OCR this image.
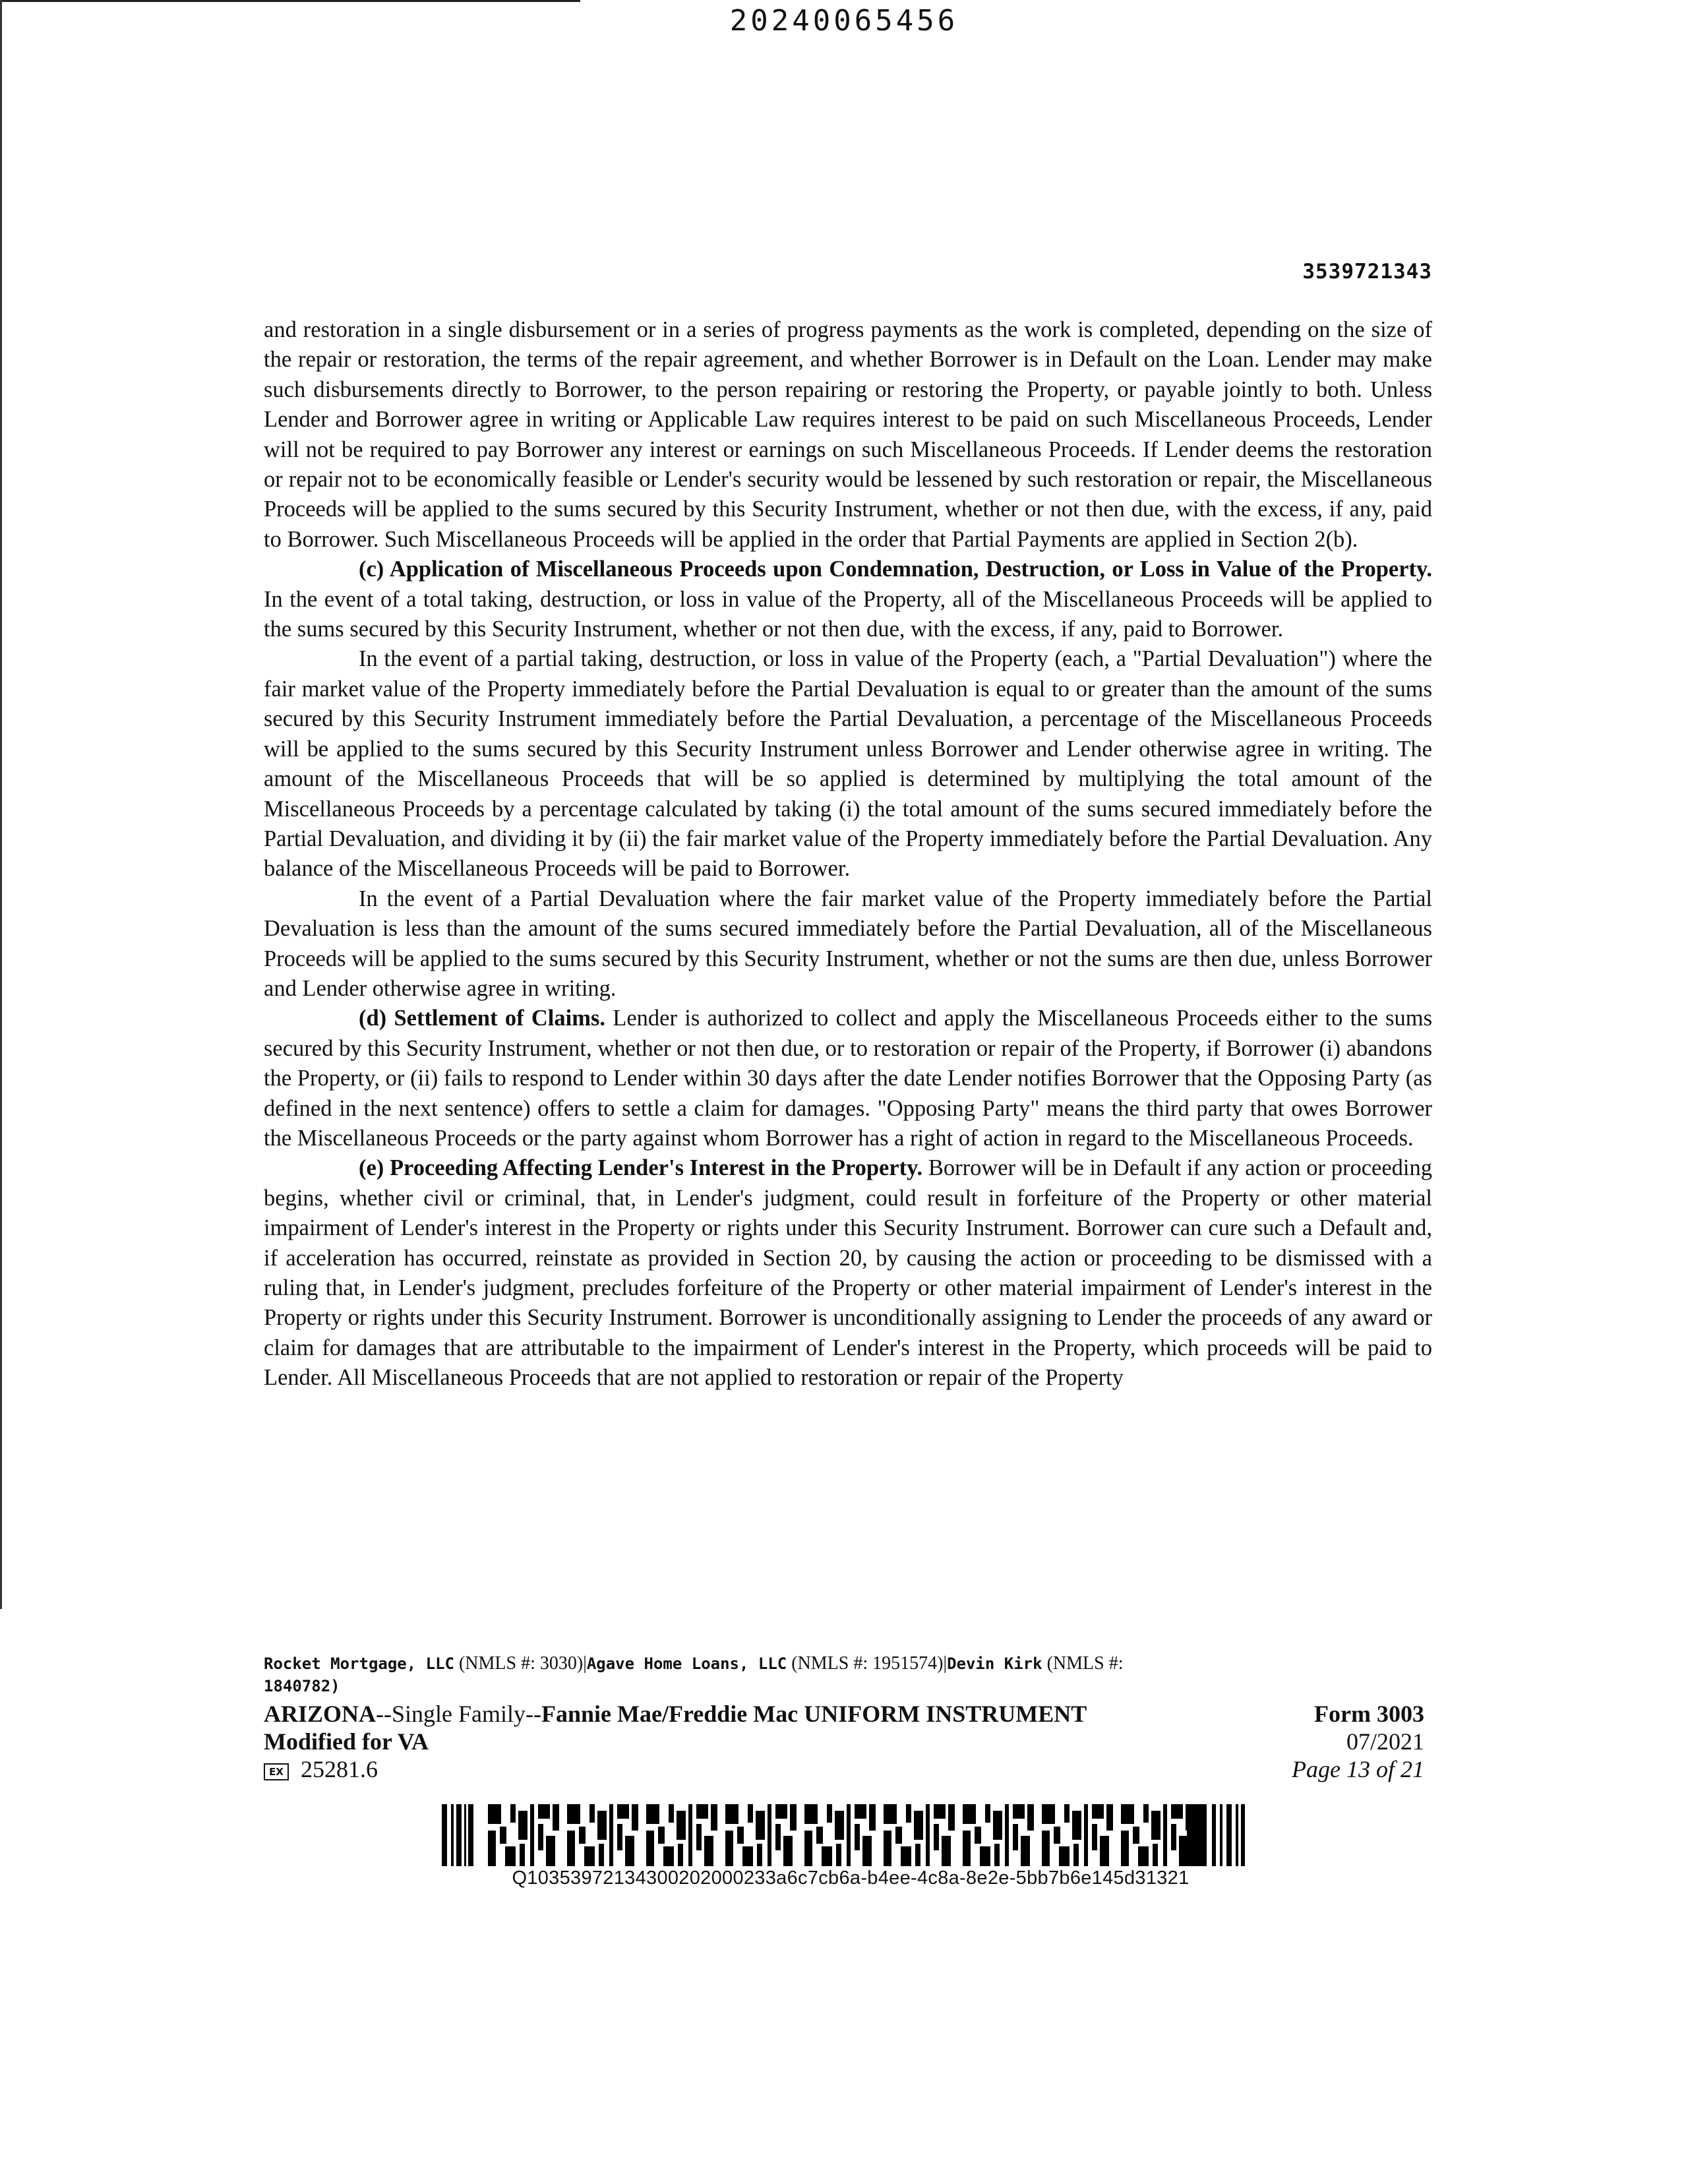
20240065456
3539721343

and restoration in a single disbursement or in a series of progress payments as the work is completed, depending on the size of the repair or restoration, the terms of the repair agreement, and whether Borrower is in Default on the Loan. Lender may make such disbursements directly to Borrower, to the person repairing or restoring the Property, or payable jointly to both. Unless Lender and Borrower agree in writing or Applicable Law requires interest to be paid on such Miscellaneous Proceeds, Lender will not be required to pay Borrower any interest or earnings on such Miscellaneous Proceeds. If Lender deems the restoration or repair not to be economically feasible or Lender's security would be lessened by such restoration or repair, the Miscellaneous Proceeds will be applied to the sums secured by this Security Instrument, whether or not then due, with the excess, if any, paid to Borrower. Such Miscellaneous Proceeds will be applied in the order that Partial Payments are applied in Section 2(b).

(c) Application of Miscellaneous Proceeds upon Condemnation, Destruction, or Loss in Value of the Property. In the event of a total taking, destruction, or loss in value of the Property, all of the Miscellaneous Proceeds will be applied to the sums secured by this Security Instrument, whether or not then due, with the excess, if any, paid to Borrower.

In the event of a partial taking, destruction, or loss in value of the Property (each, a "Partial Devaluation") where the fair market value of the Property immediately before the Partial Devaluation is equal to or greater than the amount of the sums secured by this Security Instrument immediately before the Partial Devaluation, a percentage of the Miscellaneous Proceeds will be applied to the sums secured by this Security Instrument unless Borrower and Lender otherwise agree in writing. The amount of the Miscellaneous Proceeds that will be so applied is determined by multiplying the total amount of the Miscellaneous Proceeds by a percentage calculated by taking (i) the total amount of the sums secured immediately before the Partial Devaluation, and dividing it by (ii) the fair market value of the Property immediately before the Partial Devaluation. Any balance of the Miscellaneous Proceeds will be paid to Borrower.

In the event of a Partial Devaluation where the fair market value of the Property immediately before the Partial Devaluation is less than the amount of the sums secured immediately before the Partial Devaluation, all of the Miscellaneous Proceeds will be applied to the sums secured by this Security Instrument, whether or not the sums are then due, unless Borrower and Lender otherwise agree in writing.

(d) Settlement of Claims. Lender is authorized to collect and apply the Miscellaneous Proceeds either to the sums secured by this Security Instrument, whether or not then due, or to restoration or repair of the Property, if Borrower (i) abandons the Property, or (ii) fails to respond to Lender within 30 days after the date Lender notifies Borrower that the Opposing Party (as defined in the next sentence) offers to settle a claim for damages. "Opposing Party" means the third party that owes Borrower the Miscellaneous Proceeds or the party against whom Borrower has a right of action in regard to the Miscellaneous Proceeds.

(e) Proceeding Affecting Lender's Interest in the Property. Borrower will be in Default if any action or proceeding begins, whether civil or criminal, that, in Lender's judgment, could result in forfeiture of the Property or other material impairment of Lender's interest in the Property or rights under this Security Instrument. Borrower can cure such a Default and, if acceleration has occurred, reinstate as provided in Section 20, by causing the action or proceeding to be dismissed with a ruling that, in Lender's judgment, precludes forfeiture of the Property or other material impairment of Lender's interest in the Property or rights under this Security Instrument. Borrower is unconditionally assigning to Lender the proceeds of any award or claim for damages that are attributable to the impairment of Lender's interest in the Property, which proceeds will be paid to Lender. All Miscellaneous Proceeds that are not applied to restoration or repair of the Property

Rocket Mortgage, LLC (NMLS #: 3030)|Agave Home Loans, LLC (NMLS #: 1951574)|Devin Kirk (NMLS #:
1840782)
ARIZONA--Single Family--Fannie Mae/Freddie Mac UNIFORM INSTRUMENT
Modified for VA
EX 25281.6
Form 3003
07/2021
Page 13 of 21
Q10353972134300202000233a6c7cb6a-b4ee-4c8a-8e2e-5bb7b6e145d31321
